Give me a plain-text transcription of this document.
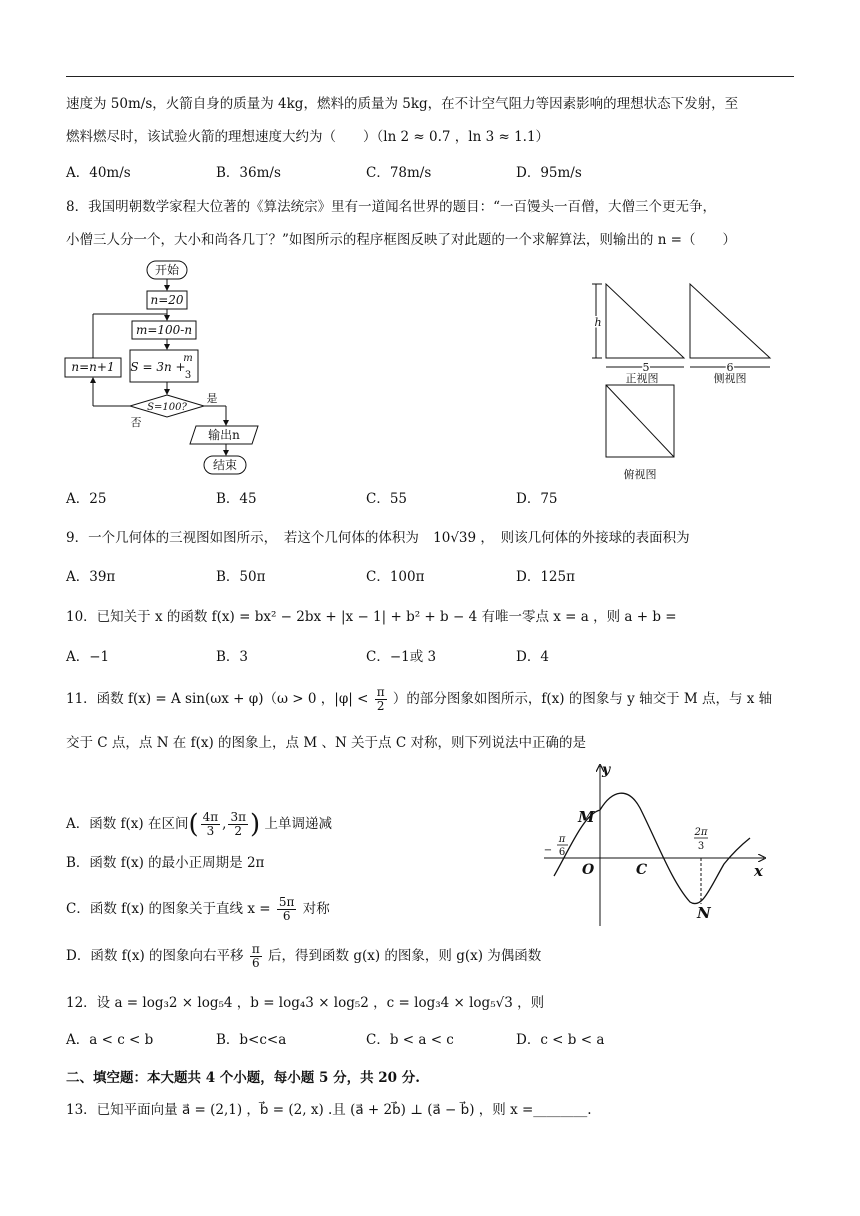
速度为 50m/s，火箭自身的质量为 4kg，燃料的质量为 5kg，在不计空气阻力等因素影响的理想状态下发射，至
燃料燃尽时，该试验火箭的理想速度大约为（　　）（ln 2 ≈ 0.7 ，ln 3 ≈ 1.1）
A．40m/s	B．36m/s	C．78m/s	D．95m/s
8．我国明朝数学家程大位著的《算法统宗》里有一道闻名世界的题目：“一百馒头一百僧，大僧三个更无争，
小僧三人分一个，大小和尚各几丁？”如图所示的程序框图反映了对此题的一个求解算法，则输出的 n =（　　）
开始
n=20
m=100-n
S = 3n +
m
3
n=n+1
S=100?
是
否
输出n
结束
h
5	6
正视图	侧视图
俯视图
A．25	B．45	C．55	D．75
9．一个几何体的三视图如图所示，　若这个几何体的体积为 10√39 ，　则该几何体的外接球的表面积为
A．39π	B．50π	C．100π	D．125π
10．已知关于 x 的函数 f(x) = bx² − 2bx + |x − 1| + b² + b − 4 有唯一零点 x = a ，则 a + b =
A．−1	B．3	C．−1或 3	D．4
11．函数 f(x) = A sin(ωx + φ)（ω > 0 ，$|\varphi| < \frac{\pi}{2}$ ）的部分图象如图所示，f(x) 的图象与 y 轴交于 M 点，与 x 轴
交于 C 点，点 N 在 f(x) 的图象上，点 M 、N 关于点 C 对称，则下列说法中正确的是
A．函数 f(x) 在区间( $\frac{4\pi}{3}$ , $\frac{3\pi}{2}$ ) 上单调递减
B．函数 f(x) 的最小正周期是 2π
C．函数 f(x) 的图象关于直线 $x = \frac{5\pi}{6}$ 对称
D．函数 f(x) 的图象向右平移 $\frac{\pi}{6}$ 后，得到函数 g(x) 的图象，则 g(x) 为偶函数
y
x
O
M
C
N
−
π
6
2π
3
12．设 a = log₃2 × log₅4 ，b = log₄3 × log₅2 ，c = log₃4 × log₅√3 ，则
A．a < c < b	B．b<c<a	C．b < a < c	D．c < b < a
二、填空题：本大题共 4 个小题，每小题 5 分，共 20 分.
13．已知平面向量 a⃗ = (2,1) ，b⃗ = (2, x) .且 (a⃗ + 2b⃗) ⊥ (a⃗ − b⃗) ，则 x =________.
